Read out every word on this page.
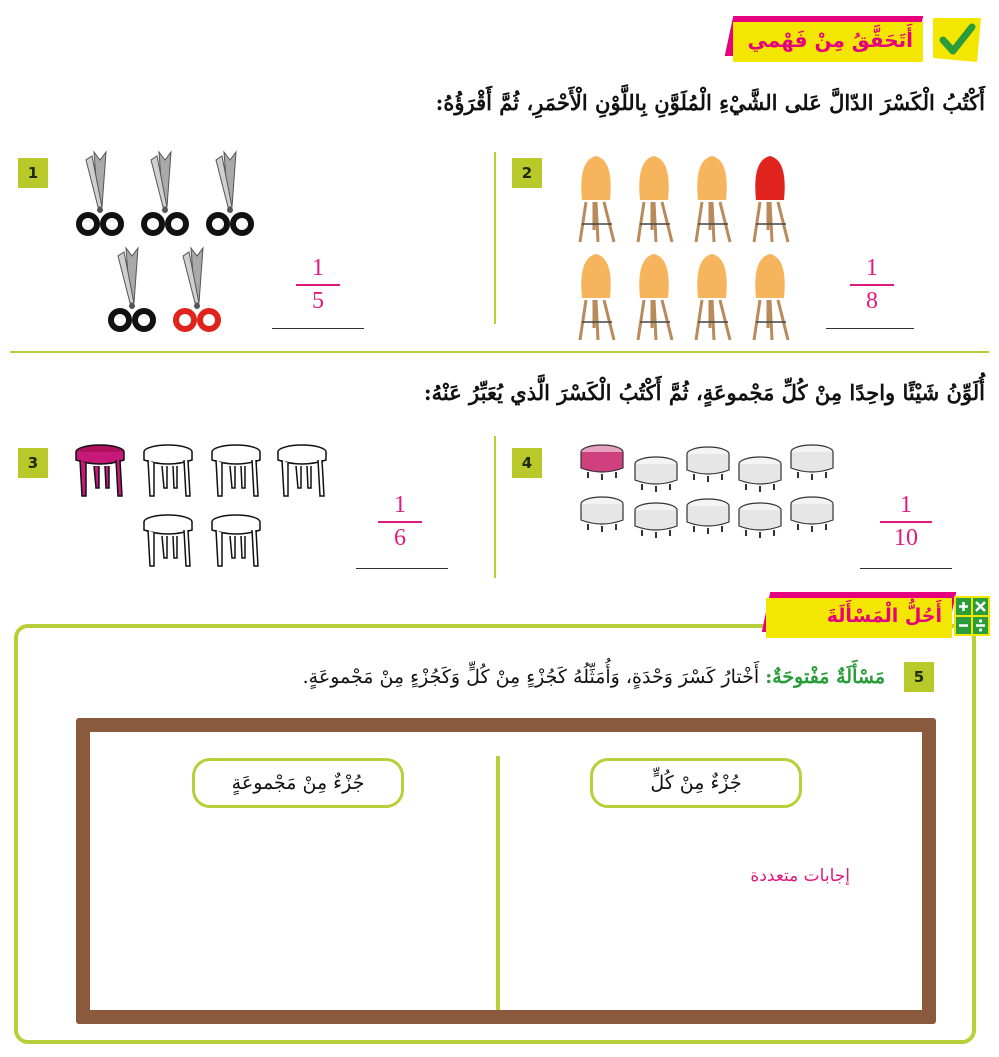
أَتَحَقَّقُ مِنْ فَهْمي
أَكْتُبُ الْكَسْرَ الدّالَّ عَلى الشَّيْءِ الْمُلَوَّنِ بِاللَّوْنِ الْأَحْمَرِ، ثُمَّ أَقْرَؤُهُ:
1	2
1
5
1
8
أُلَوِّنُ شَيْئًا واحِدًا مِنْ كُلِّ مَجْموعَةٍ، ثُمَّ أَكْتُبُ الْكَسْرَ الَّذي يُعَبِّرُ عَنْهُ:
3	4
1
6
1
10
أَحُلُّ الْمَسْأَلَةَ
5
مَسْأَلَةٌ مَفْتوحَةٌ: أَخْتارُ كَسْرَ وَحْدَةٍ، وَأُمَثِّلُهُ كَجُزْءٍ مِنْ كُلٍّ وَكَجُزْءٍ مِنْ مَجْموعَةٍ.
جُزْءٌ مِنْ كُلٍّ
جُزْءٌ مِنْ مَجْموعَةٍ
إجابات متعددة
